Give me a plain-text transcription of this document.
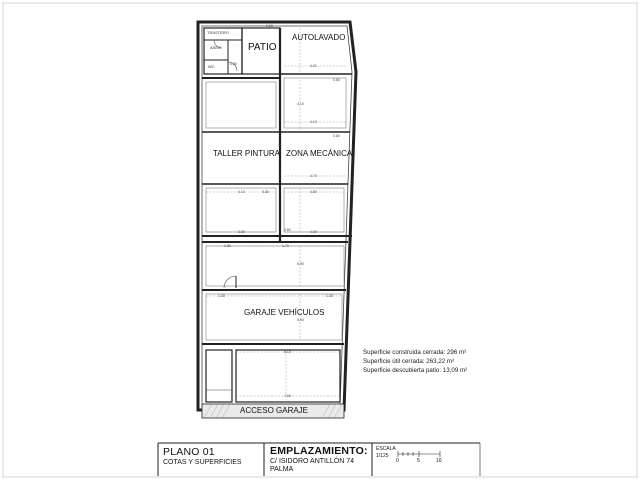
TRASTERO
ASEO
WC
PATIO
AUTOLAVADO
TALLER PINTURA ZONA MECÁNICA
GARAJE VEHÍCULOS
ACCESO GARAJE
0.60
0.80	4.21
0.60
4.10
4.10
0.80
4.70
4.10	0.80	4.80
0.80
3.80
1.70
4.00
5.90
1.80
5.90
6.10
7.80
1.30	1.30
Superficie construida cerrada: 296 m²
Superficie útil cerrada: 263,22 m²
Superficie descubierta patio: 13,09 m²
PLANO 01
COTAS Y SUPERFICIES
EMPLAZAMIENTO:
C/ ISIDORO ANTILLÓN 74
PALMA
ESCALA
1/125
0	5	10
